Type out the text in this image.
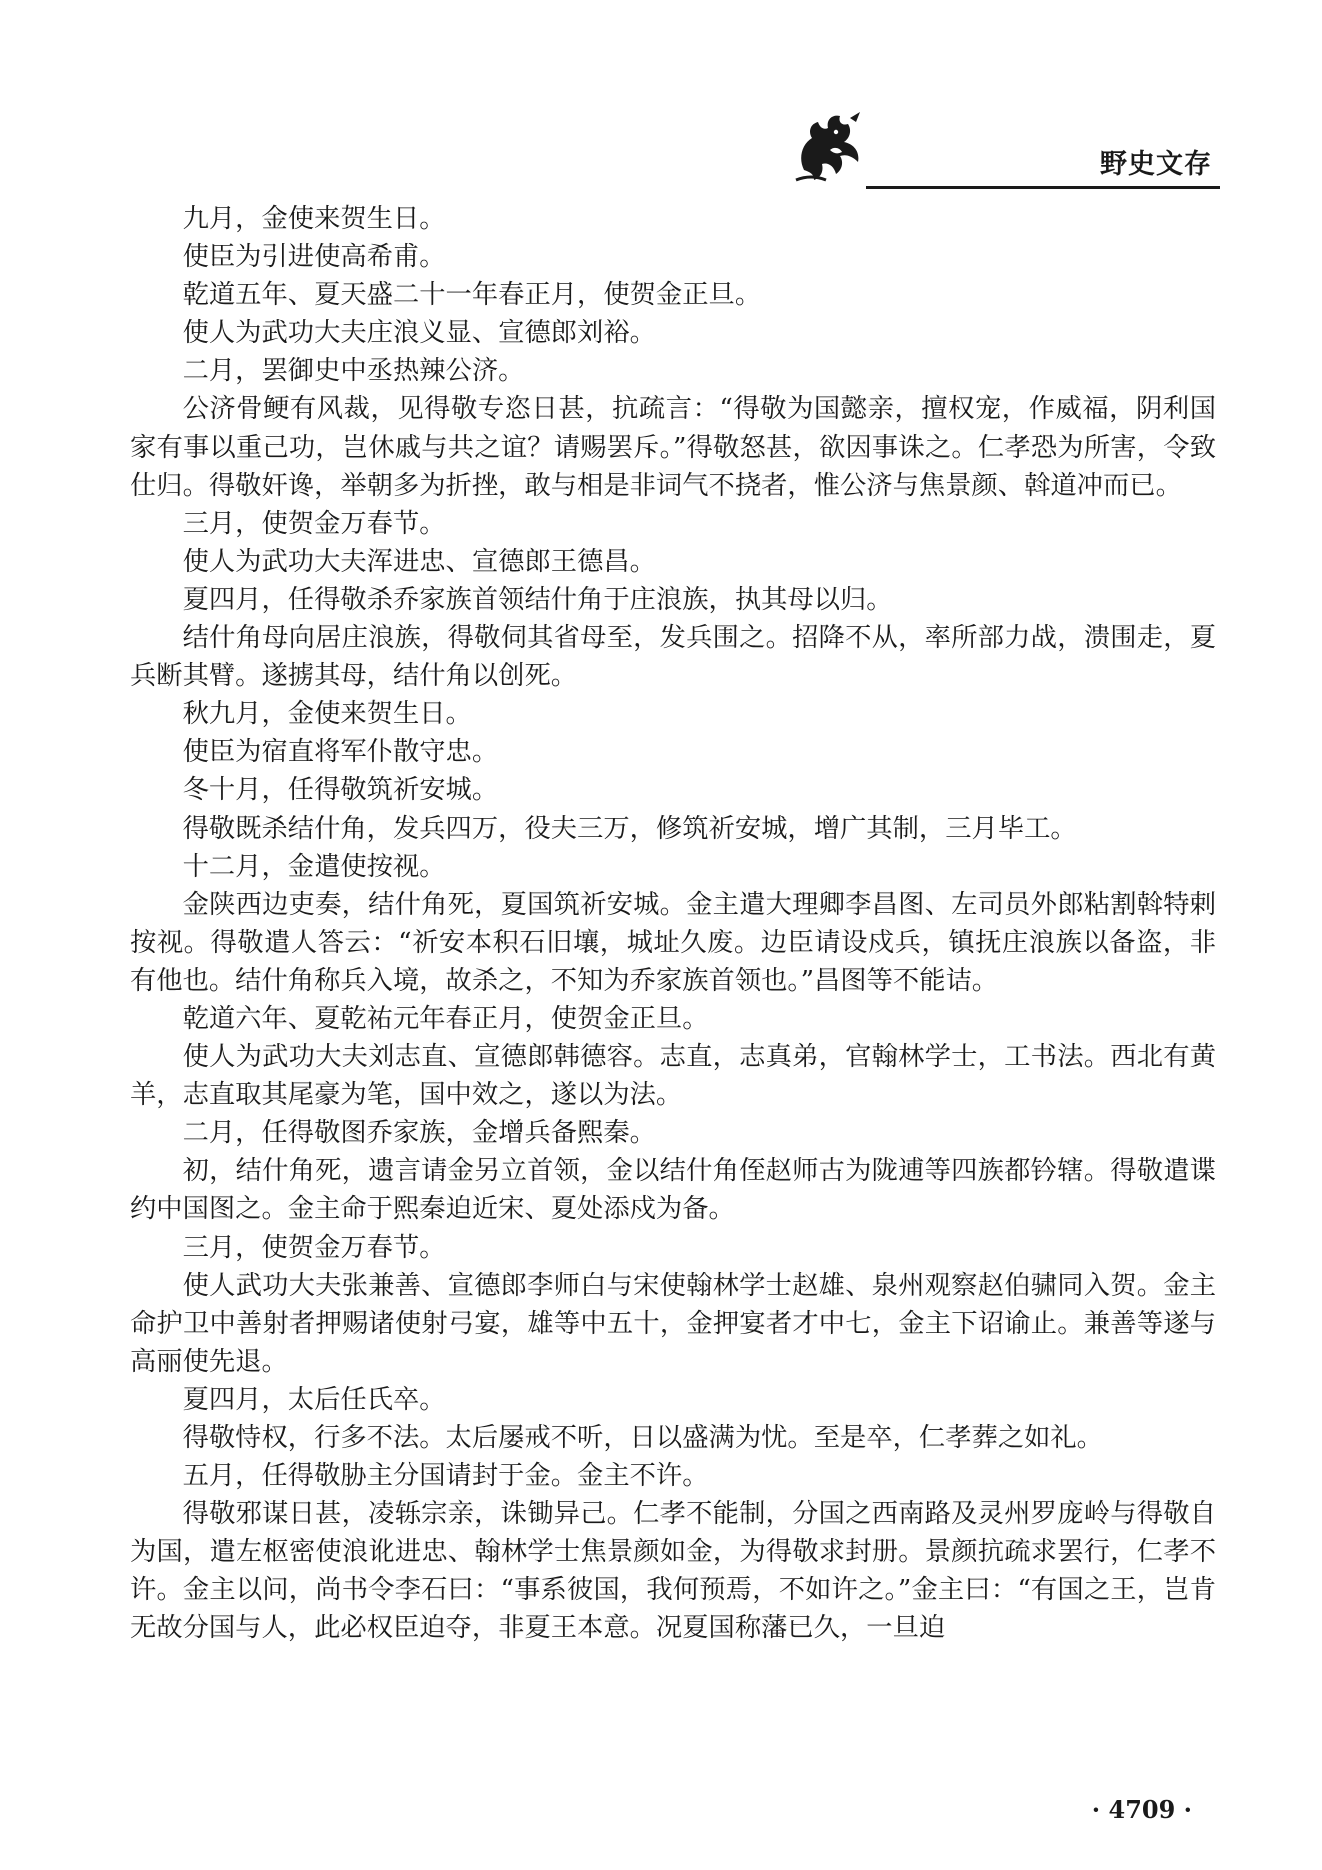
野史文存

九月，金使来贺生日。

使臣为引进使高希甫。

乾道五年、夏天盛二十一年春正月，使贺金正旦。

使人为武功大夫庄浪义显、宣德郎刘裕。

二月，罢御史中丞热辣公济。

公济骨鲠有风裁，见得敬专恣日甚，抗疏言：“得敬为国懿亲，擅权宠，作威福，阴利国家有事以重己功，岂休戚与共之谊？请赐罢斥。”得敬怒甚，欲因事诛之。仁孝恐为所害，令致仕归。得敬奸谗，举朝多为折挫，敢与相是非词气不挠者，惟公济与焦景颜、斡道冲而已。

三月，使贺金万春节。

使人为武功大夫浑进忠、宣德郎王德昌。

夏四月，任得敬杀乔家族首领结什角于庄浪族，执其母以归。

结什角母向居庄浪族，得敬伺其省母至，发兵围之。招降不从，率所部力战，溃围走，夏兵断其臂。遂掳其母，结什角以创死。

秋九月，金使来贺生日。

使臣为宿直将军仆散守忠。

冬十月，任得敬筑祈安城。

得敬既杀结什角，发兵四万，役夫三万，修筑祈安城，增广其制，三月毕工。

十二月，金遣使按视。

金陕西边吏奏，结什角死，夏国筑祈安城。金主遣大理卿李昌图、左司员外郎粘割斡特剌按视。得敬遣人答云：“祈安本积石旧壤，城址久废。边臣请设戍兵，镇抚庄浪族以备盗，非有他也。结什角称兵入境，故杀之，不知为乔家族首领也。”昌图等不能诘。

乾道六年、夏乾祐元年春正月，使贺金正旦。

使人为武功大夫刘志直、宣德郎韩德容。志直，志真弟，官翰林学士，工书法。西北有黄羊，志直取其尾豪为笔，国中效之，遂以为法。

二月，任得敬图乔家族，金增兵备熙秦。

初，结什角死，遗言请金另立首领，金以结什角侄赵师古为陇逋等四族都钤辖。得敬遣谍约中国图之。金主命于熙秦迫近宋、夏处添戍为备。

三月，使贺金万春节。

使人武功大夫张兼善、宣德郎李师白与宋使翰林学士赵雄、泉州观察赵伯骕同入贺。金主命护卫中善射者押赐诸使射弓宴，雄等中五十，金押宴者才中七，金主下诏谕止。兼善等遂与高丽使先退。

夏四月，太后任氏卒。

得敬恃权，行多不法。太后屡戒不听，日以盛满为忧。至是卒，仁孝葬之如礼。

五月，任得敬胁主分国请封于金。金主不许。

得敬邪谋日甚，凌轹宗亲，诛锄异己。仁孝不能制，分国之西南路及灵州罗庞岭与得敬自为国，遣左枢密使浪讹进忠、翰林学士焦景颜如金，为得敬求封册。景颜抗疏求罢行，仁孝不许。金主以问，尚书令李石曰：“事系彼国，我何预焉，不如许之。”金主曰：“有国之王，岂肯无故分国与人，此必权臣迫夺，非夏王本意。况夏国称藩已久，一旦迫

· 4709 ·
